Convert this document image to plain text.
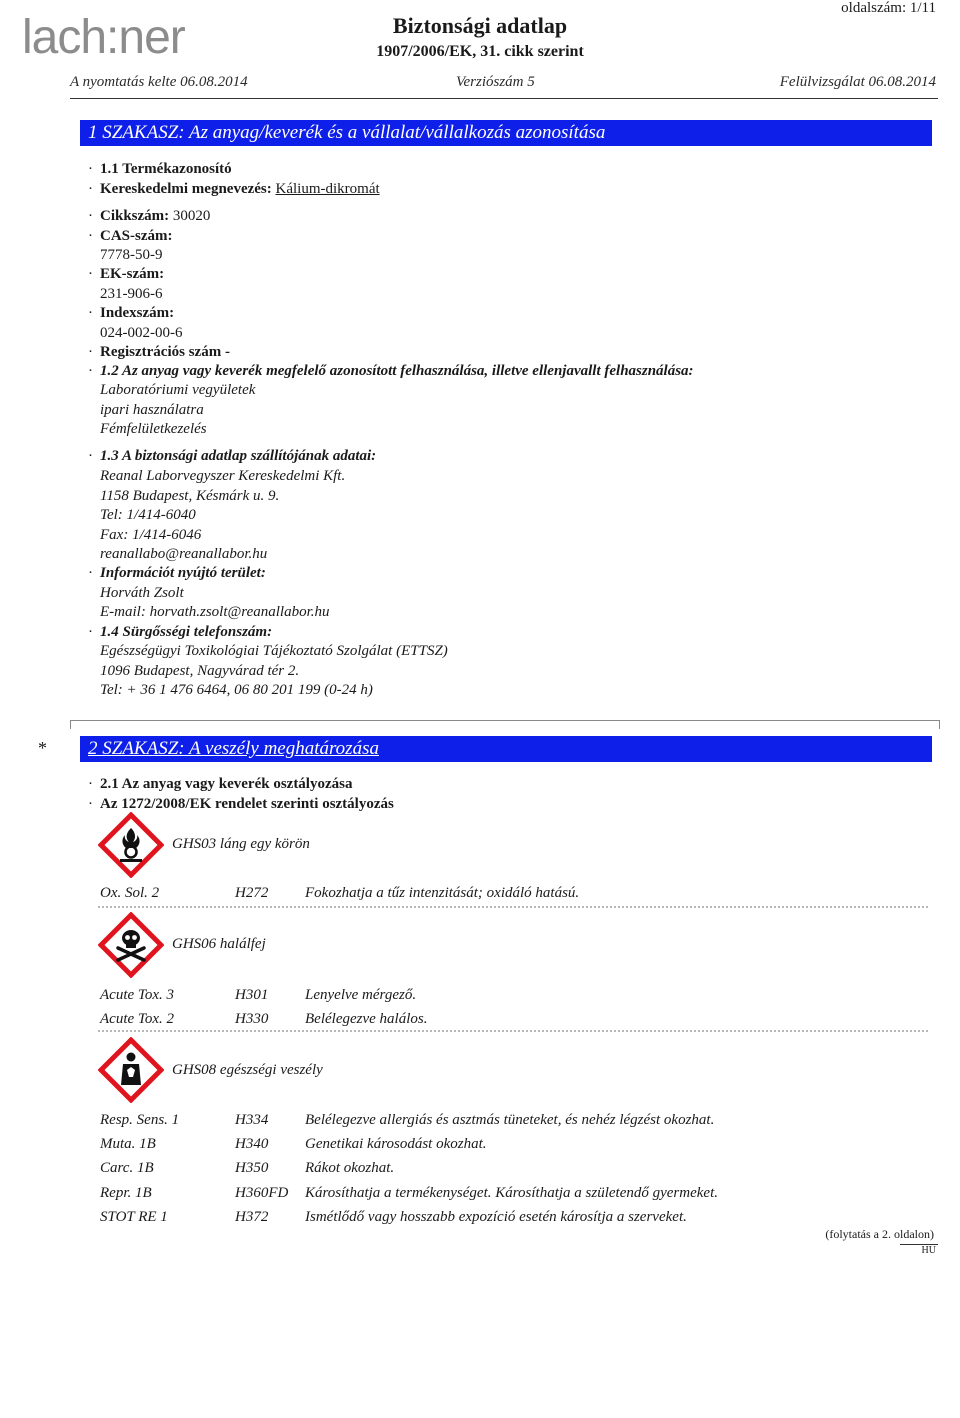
lach:ner
oldalszám: 1/11
Biztonsági adatlap
1907/2006/EK, 31. cikk szerint
A nyomtatás kelte 06.08.2014	Verziószám 5	Felülvizsgálat 06.08.2014
1 SZAKASZ: Az anyag/keverék és a vállalat/vállalkozás azonosítása
· 1.1 Termékazonosító
· Kereskedelmi megnevezés: Kálium-dikromát
· Cikkszám: 30020
· CAS-szám:
7778-50-9
· EK-szám:
231-906-6
· Indexszám:
024-002-00-6
· Regisztrációs szám -
· 1.2 Az anyag vagy keverék megfelelő azonosított felhasználása, illetve ellenjavallt felhasználása:
Laboratóriumi vegyületek
ipari használatra
Fémfelületkezelés
· 1.3 A biztonsági adatlap szállítójának adatai:
Reanal Laborvegyszer Kereskedelmi Kft.
1158 Budapest, Késmárk u. 9.
Tel: 1/414-6040
Fax: 1/414-6046
reanallabo@reanallabor.hu
· Információt nyújtó terület:
Horváth Zsolt
E-mail: horvath.zsolt@reanallabor.hu
· 1.4 Sürgősségi telefonszám:
Egészségügyi Toxikológiai Tájékoztató Szolgálat (ETTSZ)
1096 Budapest, Nagyvárad tér 2.
Tel: + 36 1 476 6464, 06 80 201 199 (0-24 h)
*	2 SZAKASZ: A veszély meghatározása
· 2.1 Az anyag vagy keverék osztályozása
· Az 1272/2008/EK rendelet szerinti osztályozás
GHS03 láng egy körön
Ox. Sol. 2	H272 Fokozhatja a tűz intenzitását; oxidáló hatású.
GHS06 halálfej
Acute Tox. 3	H301 Lenyelve mérgező.
Acute Tox. 2	H330 Belélegezve halálos.
GHS08 egészségi veszély
Resp. Sens. 1	H334 Belélegezve allergiás és asztmás tüneteket, és nehéz légzést okozhat.
Muta. 1B	H340 Genetikai károsodást okozhat.
Carc. 1B	H350 Rákot okozhat.
Repr. 1B	H360FD Károsíthatja a termékenységet. Károsíthatja a születendő gyermeket.
STOT RE 1	H372 Ismétlődő vagy hosszabb expozíció esetén károsítja a szerveket.
(folytatás a 2. oldalon)
HU
